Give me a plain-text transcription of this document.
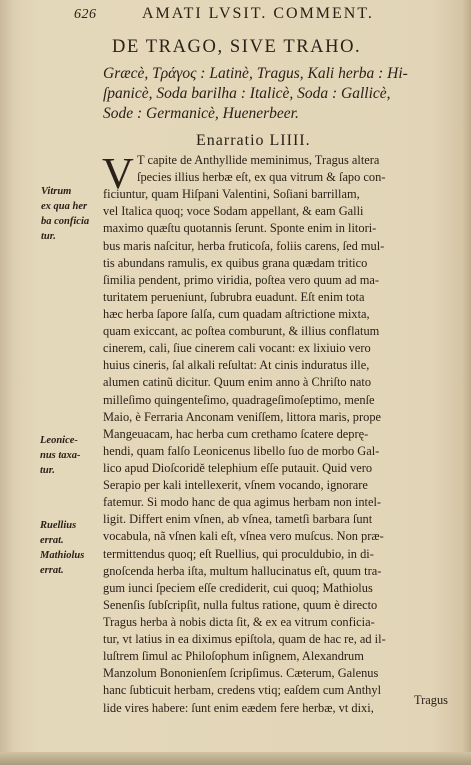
626	AMATI LVSIT. COMMENT.
DE TRAGO, SIVE TRAHO.

Græcè, Τράγος : Latinè, Tragus, Kali herba : Hi-

ſpanicè, Soda barilha : Italicè, Soda : Gallicè,

Sode : Germanicè, Huenerbeer.

Enarratio LIIII.
V T capite de Anthyllide meminimus, Tragus altera
ſpecies illius herbæ eſt, ex qua vitrum & ſapo con-
ficiuntur, quam Hiſpani Valentini, Soſiani barrillam,
vel Italica quoq; voce Sodam appellant, & eam Galli
maximo quæſtu quotannis ſerunt. Sponte enim in litori-
bus maris naſcitur, herba fruticoſa, foliis carens, ſed mul-
tis abundans ramulis, ex quibus grana quædam tritico
ſimilia pendent, primo viridia, poſtea vero quum ad ma-
turitatem perueniunt, ſubrubra euadunt. Eſt enim tota
hæc herba ſapore ſalſa, cum quadam aſtrictione mixta,
quam exiccant, ac poſtea comburunt, & illius conflatum
cinerem, cali, ſiue cinerem cali vocant: ex lixiuio vero
huius cineris, ſal alkali reſultat: At cinis induratus ille,
alumen catinũ dicitur. Quum enim anno à Chriſto nato
milleſimo quingenteſimo, quadrageſimoſeptimo, menſe
Maio, è Ferraria Anconam veniſſem, littora maris, prope
Mangeuacam, hac herba cum crethamo ſcatere deprę-
hendi, quam falſo Leonicenus libello ſuo de morbo Gal-
lico apud Dioſcoridě telephium eſſe putauit. Quid vero
Serapio per kali intellexerit, vſnem vocando, ignorare
fatemur. Si modo hanc de qua agimus herbam non intel-
ligit. Differt enim vſnen, ab vſnea, tametſi barbara ſunt
vocabula, nã vſnen kali eſt, vſnea vero muſcus. Non præ-
termittendus quoq; eſt Ruellius, qui proculdubio, in di-
gnoſcenda herba iſta, multum hallucinatus eſt, quum tra-
gum iunci ſpeciem eſſe crediderit, cui quoq; Mathiolus
Senenſis ſubſcripſit, nulla fultus ratione, quum è directo
Tragus herba à nobis dicta ſit, & ex ea vitrum conficia-
tur, vt latius in ea diximus epiſtola, quam de hac re, ad il-
luſtrem ſimul ac Philoſophum inſignem, Alexandrum
Manzolum Bononienſem ſcripſimus. Cæterum, Galenus
hanc ſubticuit herbam, credens vtiq; eaſdem cum Anthyl
lide vires habere: ſunt enim eædem fere herbæ, vt dixi,
Tragus

Vitrum

ex qua her

ba conficia

tur.

Leonice-

nus taxa-

tur.

Ruellius

errat.

Mathiolus

errat.
